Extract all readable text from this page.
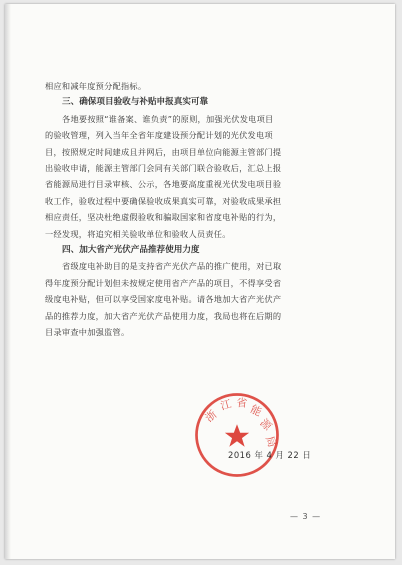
相应和减年度预分配指标。

三、确保项目验收与补贴申报真实可靠

各地要按照“谁备案、谁负责”的原则，加强光伏发电项目

的验收管理，列入当年全省年度建设预分配计划的光伏发电项

目，按照规定时间建成且并网后，由项目单位向能源主管部门提

出验收申请，能源主管部门会同有关部门联合验收后，汇总上报

省能源局进行目录审核、公示，各地要高度重视光伏发电项目验

收工作，验收过程中要确保验收成果真实可靠，对验收成果承担

相应责任，坚决杜绝虚假验收和骗取国家和省度电补贴的行为，

一经发现，将追究相关验收单位和验收人员责任。

四、加大省产光伏产品推荐使用力度

省级度电补助目的是支持省产光伏产品的推广使用，对已取

得年度预分配计划但未按规定使用省产产品的项目，不得享受省

级度电补贴，但可以享受国家度电补贴。请各地加大省产光伏产

品的推荐力度，加大省产光伏产品使用力度，我局也将在后期的

目录审查中加强监管。

浙
江 省 能
源
局
2016 年 4 月 22 日
— 3 —
